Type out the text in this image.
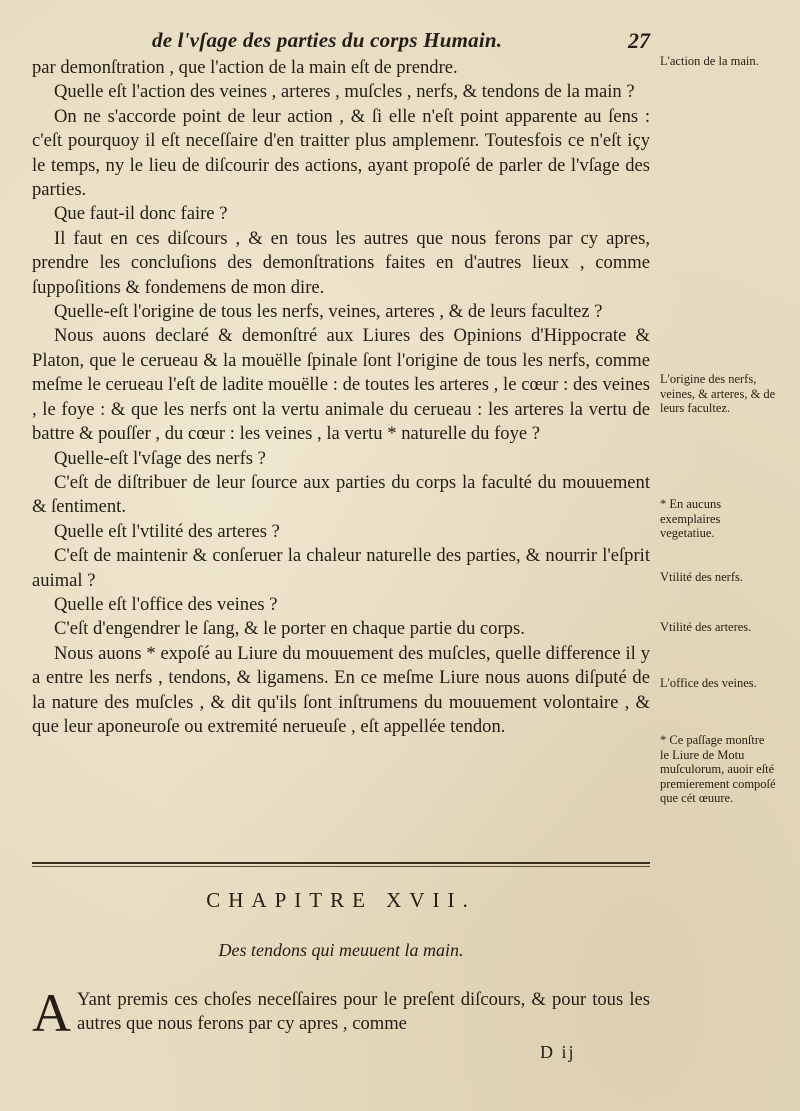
de l'vſage des parties du corps Humain.	27

par demonſtration , que l'action de la main eſt de prendre.

Quelle eſt l'action des veines , arteres , muſcles , nerfs, & tendons de la main ?

On ne s'accorde point de leur action , & ſi elle n'eſt point apparente au ſens : c'eſt pourquoy il eſt neceſſaire d'en traitter plus amplemenr. Toutesfois ce n'eſt içy le temps, ny le lieu de diſcourir des actions, ayant propoſé de parler de l'vſage des parties.

Que faut-il donc faire ?

Il faut en ces diſcours , & en tous les autres que nous ferons par cy apres, prendre les concluſions des demonſtrations faites en d'autres lieux , comme ſuppoſitions & fondemens de mon dire.

Quelle-eſt l'origine de tous les nerfs, veines, arteres , & de leurs facultez ?

Nous auons declaré & demonſtré aux Liures des Opinions d'Hippocrate & Platon, que le cerueau & la mouëlle ſpinale ſont l'origine de tous les nerfs, comme meſme le cerueau l'eſt de ladite mouëlle : de toutes les arteres , le cœur : des veines , le foye : & que les nerfs ont la vertu animale du cerueau : les arteres la vertu de battre & pouſſer , du cœur : les veines , la vertu * naturelle du foye ?

Quelle-eſt l'vſage des nerfs ?

C'eſt de diſtribuer de leur ſource aux parties du corps la faculté du mouuement & ſentiment.

Quelle eſt l'vtilité des arteres ?

C'eſt de maintenir & conſeruer la chaleur naturelle des parties, & nourrir l'eſprit auimal ?

Quelle eſt l'office des veines ?

C'eſt d'engendrer le ſang, & le porter en chaque partie du corps.

Nous auons * expoſé au Liure du mouuement des muſcles, quelle difference il y a entre les nerfs , tendons, & ligamens. En ce meſme Liure nous auons diſputé de la nature des muſcles , & dit qu'ils ſont inſtrumens du mouuement volontaire , & que leur aponeuroſe ou extremité nerueuſe , eſt appellée tendon.

L'action de la main.
L'origine des nerfs, veines, & arteres, & de leurs facultez.
* En aucuns exemplaires vegetatiue.
Vtilité des nerfs.
Vtilité des arteres.
L'office des veines.
* Ce paſſage monſtre le Liure de Motu muſculorum, auoir eſté premierement compoſé que cét œuure.
CHAPITRE XVII.
Des tendons qui meuuent la main.
A Yant premis ces choſes neceſſaires pour le preſent diſcours, & pour tous les autres que nous ferons par cy apres , comme
D ij
